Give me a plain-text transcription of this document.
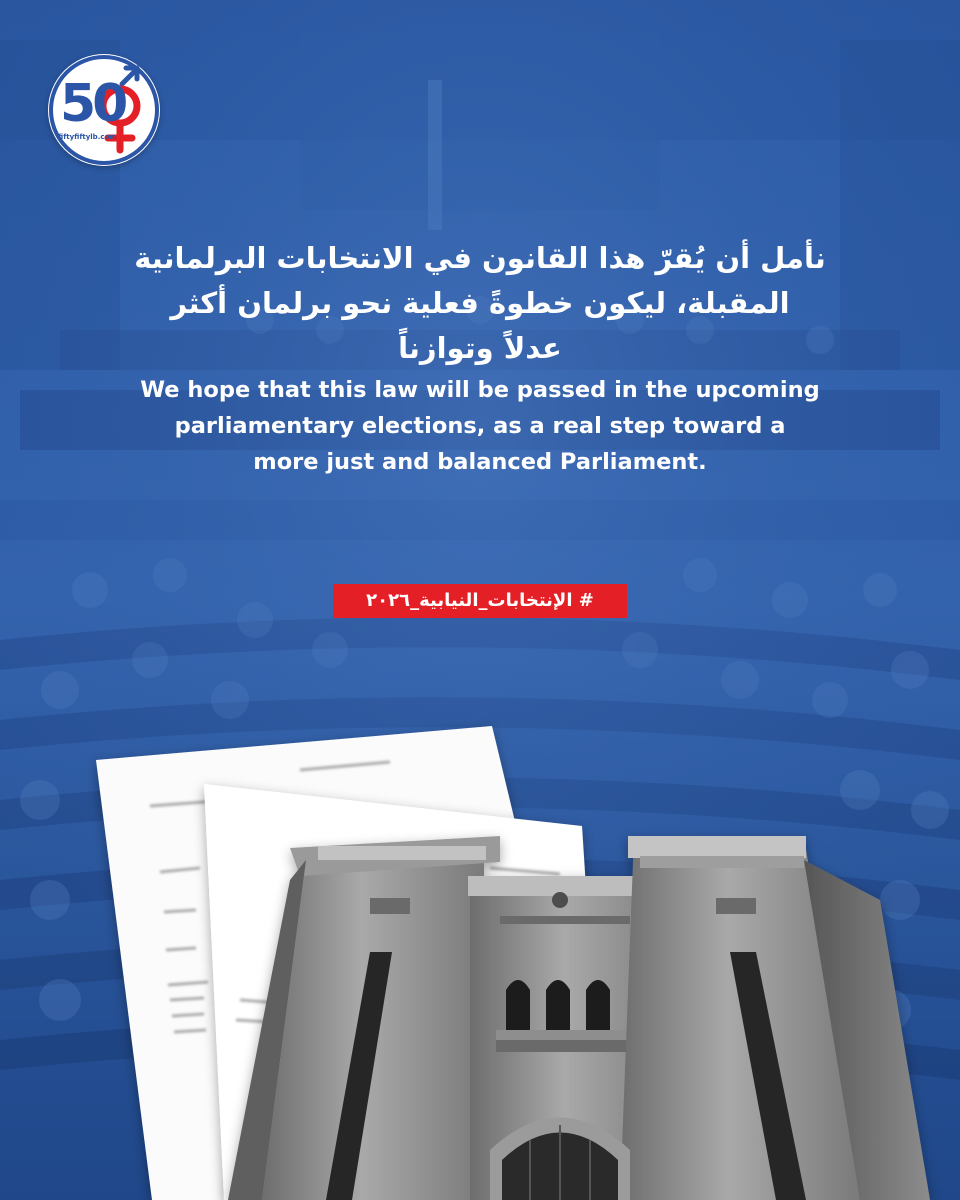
50
fiftyfiftylb.com
نأمل أن يُقرّ هذا القانون في الانتخابات البرلمانية
المقبلة، ليكون خطوةً فعلية نحو برلمان أكثر
عدلاً وتوازناً
We hope that this law will be passed in the upcoming
parliamentary elections, as a real step toward a
more just and balanced Parliament.
# الإنتخابات_النيابية_٢٠٢٦
